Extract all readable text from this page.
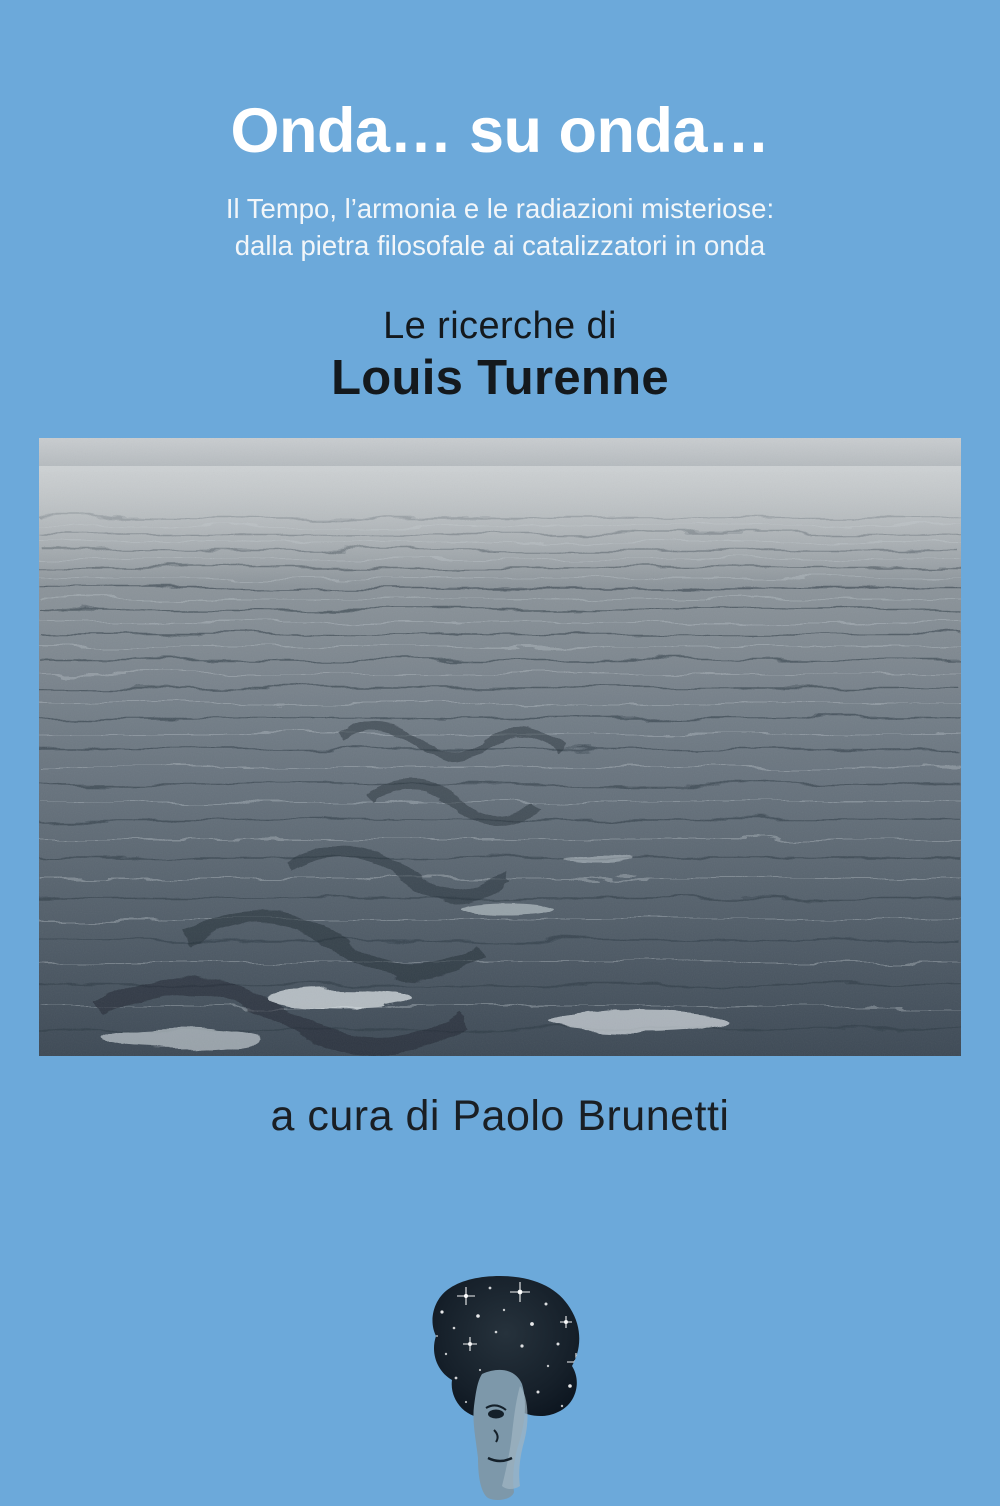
Onda… su onda…
Il Tempo, l’armonia e le radiazioni misteriose:
dalla pietra filosofale ai catalizzatori in onda
Le ricerche di
Louis Turenne
a cura di Paolo Brunetti
